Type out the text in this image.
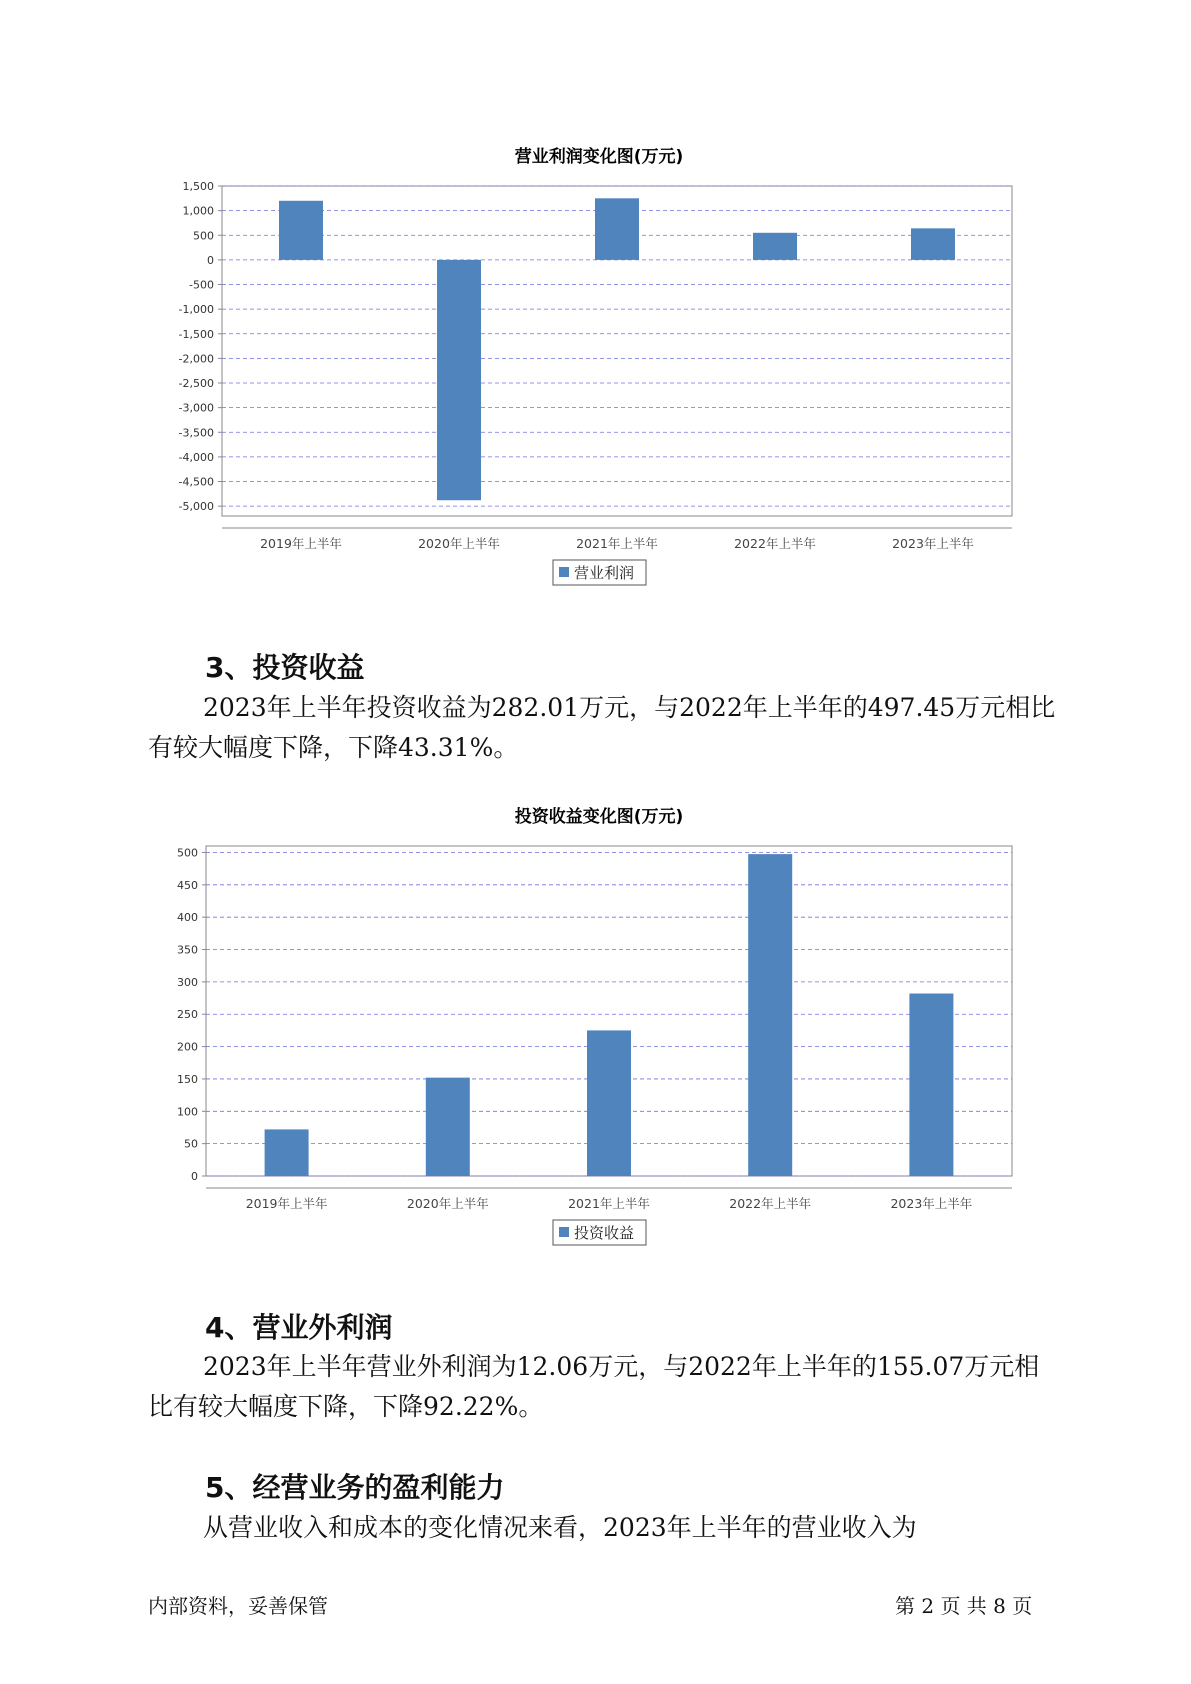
营业利润变化图(万元)
1,500
1,000
500
0
-500
-1,000
-1,500
-2,000
-2,500
-3,000
-3,500
-4,000
-4,500
-5,000
2019年上半年	2020年上半年	2021年上半年	2022年上半年	2023年上半年
营业利润
3、投资收益

2023年上半年投资收益为282.01万元，与2022年上半年的497.45万元相比有较大幅度下降，下降43.31%。

投资收益变化图(万元)
500
450
400
350
300
250
200
150
100
50
0
2019年上半年	2020年上半年	2021年上半年	2022年上半年	2023年上半年
投资收益
4、营业外利润

2023年上半年营业外利润为12.06万元，与2022年上半年的155.07万元相比有较大幅度下降，下降92.22%。

5、经营业务的盈利能力

从营业收入和成本的变化情况来看，2023年上半年的营业收入为

内部资料，妥善保管	第 2 页 共 8 页
